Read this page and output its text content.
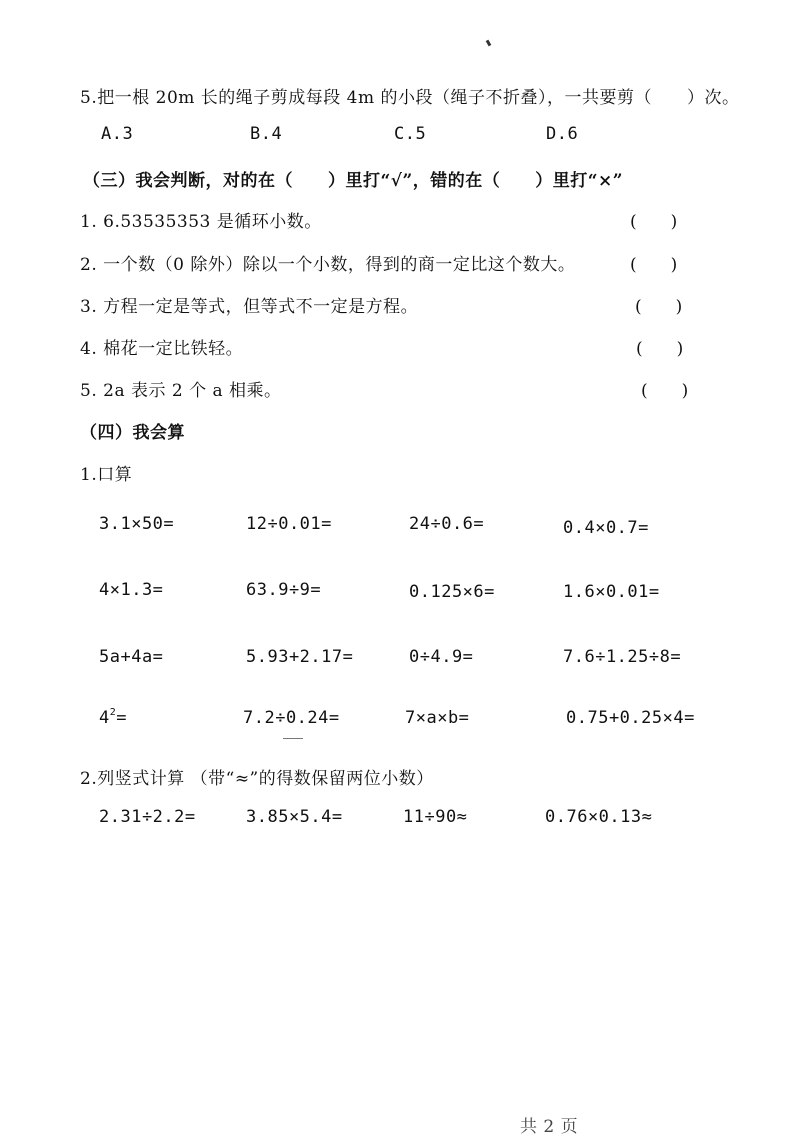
5.把一根 20m 长的绳子剪成每段 4m 的小段（绳子不折叠），一共要剪（　　）次。
A.3	B.4	C.5	D.6
（三）我会判断，对的在（　　）里打“√”，错的在（　　）里打“×”
1. 6.53535353 是循环小数。	(　　)
2. 一个数（0 除外）除以一个小数，得到的商一定比这个数大。	(　　)
3. 方程一定是等式，但等式不一定是方程。	(　　)
4. 棉花一定比铁轻。	(　　)
5. 2a 表示 2 个 a 相乘。	(　　)
（四）我会算
1.口算
3.1×50=	12÷0.01=	24÷0.6=	0.4×0.7=
4×1.3=	63.9÷9=	0.125×6=	1.6×0.01=
5a+4a=	5.93+2.17=	0÷4.9=	7.6÷1.25÷8=
$4^2=$	7.2÷0.24=	7×a×b=	0.75+0.25×4=
2.列竖式计算 （带“≈”的得数保留两位小数）
2.31÷2.2=	3.85×5.4=	11÷90≈	0.76×0.13≈
共 2 页
